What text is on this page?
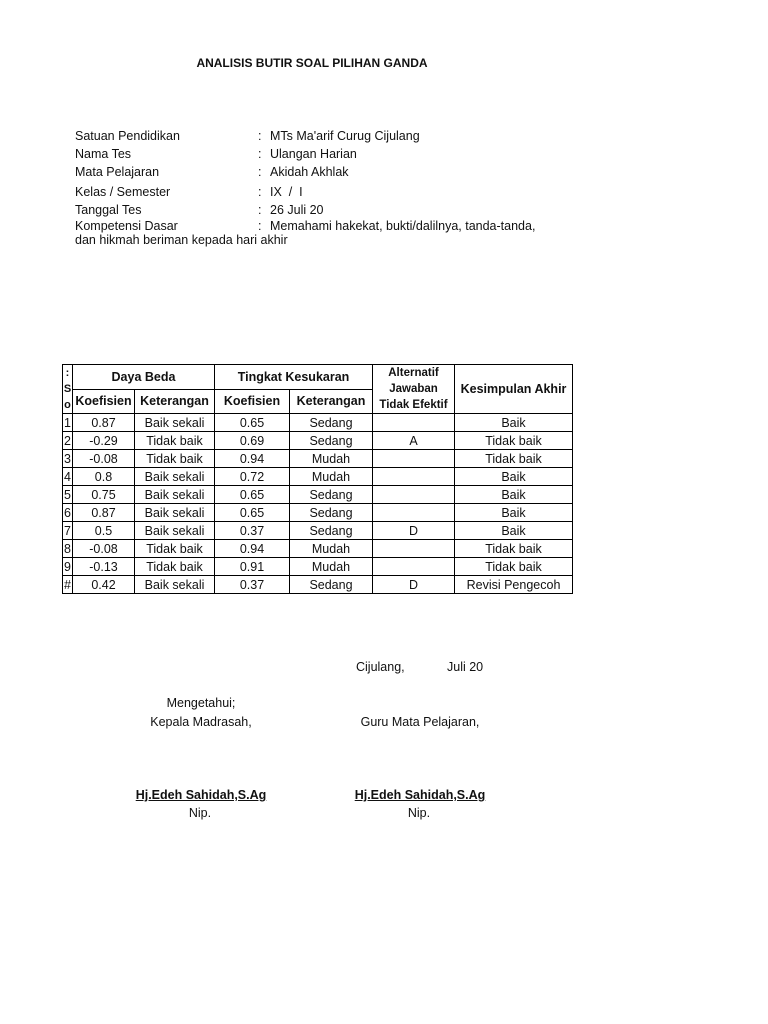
ANALISIS BUTIR SOAL PILIHAN GANDA
Satuan Pendidikan	: MTs Ma'arif Curug Cijulang
Nama Tes	: Ulangan Harian
Mata Pelajaran	: Akidah Akhlak
Kelas / Semester	: IX  /  I
Tanggal Tes	: 26 Juli 20
Kompetensi Dasar	: Memahami hakekat, bukti/dalilnya, tanda-tanda,
dan hikmah beriman kepada hari akhir
:
S
o	Daya Beda		Tingkat Kesukaran		Alternatif Jawaban Tidak Efektif	Kesimpulan Akhir
	Koefisien	Keterangan	Koefisien	Keterangan		
1	0.87	Baik sekali	0.65	Sedang		Baik
2	-0.29	Tidak baik	0.69	Sedang	A	Tidak baik
3	-0.08	Tidak baik	0.94	Mudah		Tidak baik
4	0.8	Baik sekali	0.72	Mudah		Baik
5	0.75	Baik sekali	0.65	Sedang		Baik
6	0.87	Baik sekali	0.65	Sedang		Baik
7	0.5	Baik sekali	0.37	Sedang	D	Baik
8	-0.08	Tidak baik	0.94	Mudah		Tidak baik
9	-0.13	Tidak baik	0.91	Mudah		Tidak baik
#	0.42	Baik sekali	0.37	Sedang	D	Revisi Pengecoh
Cijulang,	Juli 20
Mengetahui;
Kepala Madrasah,
Hj.Edeh Sahidah,S.Ag
Nip.
Guru Mata Pelajaran,
Hj.Edeh Sahidah,S.Ag
Nip.
